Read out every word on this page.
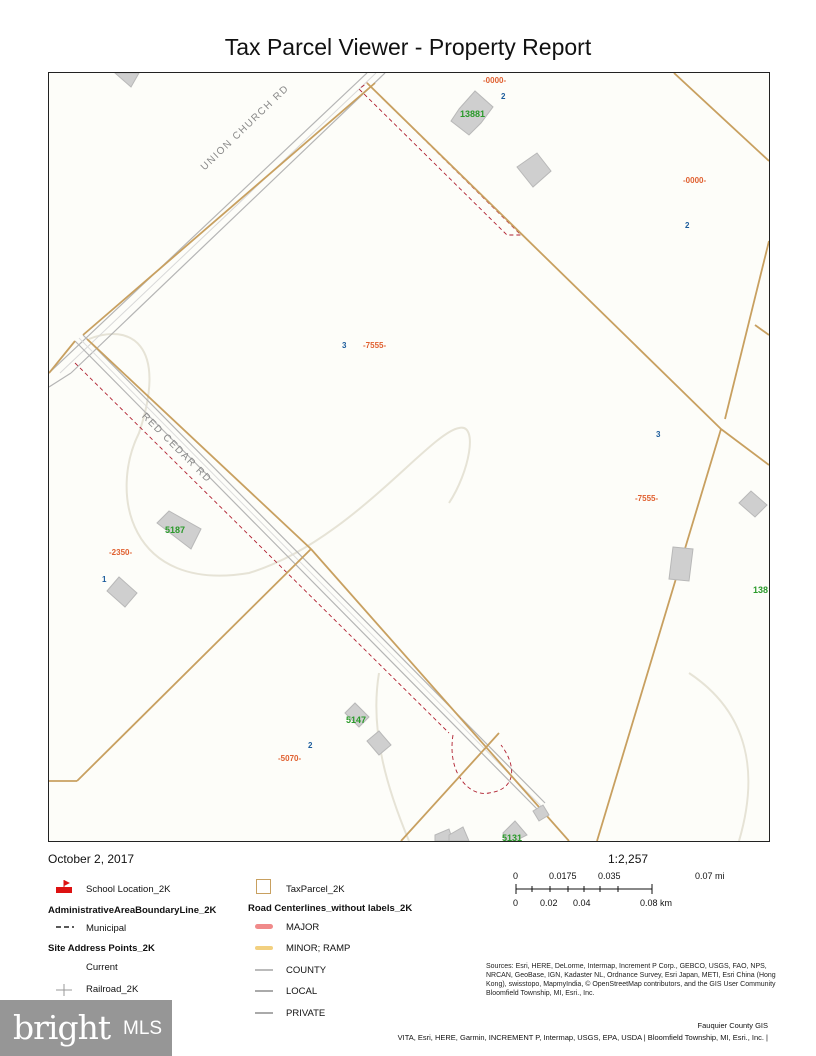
Tax Parcel Viewer - Property Report
UNION CHURCH RD
RED CEDAR RD
13881
5187
5147
5131
138
-0000-
-0000-
-7555-
-7555-
-2350-
-5070-
2
2
3
3
1
2
October 2, 2017	1:2,257
0	0.0175 0.035	0.07 mi
0 0.02 0.04	0.08 km
School Location_2K
AdministrativeAreaBoundaryLine_2K
Municipal
Site Address Points_2K
Current
Railroad_2K
TaxParcel_2K
Road Centerlines_without labels_2K
MAJOR
MINOR; RAMP
COUNTY
LOCAL
PRIVATE
Sources: Esri, HERE, DeLorme, Intermap, Increment P Corp., GEBCO, USGS, FAO, NPS, NRCAN, GeoBase, IGN, Kadaster NL, Ordnance Survey, Esri Japan, METI, Esri China (Hong Kong), swisstopo, MapmyIndia, © OpenStreetMap contributors, and the GIS User Community Bloomfield Township, MI, Esri., Inc.
Fauquier County GIS
VITA, Esri, HERE, Garmin, INCREMENT P, Intermap, USGS, EPA, USDA | Bloomfield Township, MI, Esri., Inc. |
bright MLS
